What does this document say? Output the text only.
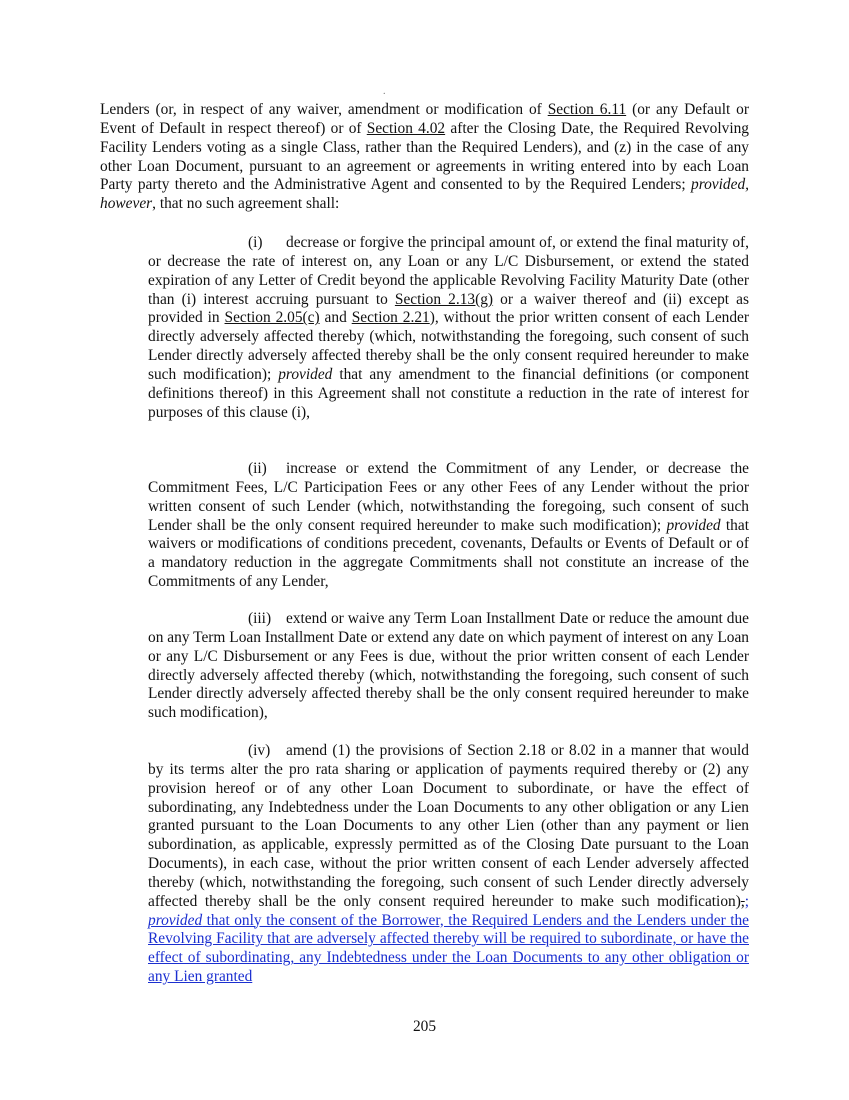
.

Lenders (or, in respect of any waiver, amendment or modification of Section 6.11 (or any Default or Event of Default in respect thereof) or of Section 4.02 after the Closing Date, the Required Revolving Facility Lenders voting as a single Class, rather than the Required Lenders), and (z) in the case of any other Loan Document, pursuant to an agreement or agreements in writing entered into by each Loan Party party thereto and the Administrative Agent and consented to by the Required Lenders; provided, however, that no such agreement shall:

(i) decrease or forgive the principal amount of, or extend the final maturity of, or decrease the rate of interest on, any Loan or any L/C Disbursement, or extend the stated expiration of any Letter of Credit beyond the applicable Revolving Facility Maturity Date (other than (i) interest accruing pursuant to Section 2.13(g) or a waiver thereof and (ii) except as provided in Section 2.05(c) and Section 2.21), without the prior written consent of each Lender directly adversely affected thereby (which, notwithstanding the foregoing, such consent of such Lender directly adversely affected thereby shall be the only consent required hereunder to make such modification); provided that any amendment to the financial definitions (or component definitions thereof) in this Agreement shall not constitute a reduction in the rate of interest for purposes of this clause (i),

(ii) increase or extend the Commitment of any Lender, or decrease the Commitment Fees, L/C Participation Fees or any other Fees of any Lender without the prior written consent of such Lender (which, notwithstanding the foregoing, such consent of such Lender shall be the only consent required hereunder to make such modification); provided that waivers or modifications of conditions precedent, covenants, Defaults or Events of Default or of a mandatory reduction in the aggregate Commitments shall not constitute an increase of the Commitments of any Lender,

(iii) extend or waive any Term Loan Installment Date or reduce the amount due on any Term Loan Installment Date or extend any date on which payment of interest on any Loan or any L/C Disbursement or any Fees is due, without the prior written consent of each Lender directly adversely affected thereby (which, notwithstanding the foregoing, such consent of such Lender directly adversely affected thereby shall be the only consent required hereunder to make such modification),

(iv) amend (1) the provisions of Section 2.18 or 8.02 in a manner that would by its terms alter the pro rata sharing or application of payments required thereby or (2) any provision hereof or of any other Loan Document to subordinate, or have the effect of subordinating, any Indebtedness under the Loan Documents to any other obligation or any Lien granted pursuant to the Loan Documents to any other Lien (other than any payment or lien subordination, as applicable, expressly permitted as of the Closing Date pursuant to the Loan Documents), in each case, without the prior written consent of each Lender adversely affected thereby (which, notwithstanding the foregoing, such consent of such Lender directly adversely affected thereby shall be the only consent required hereunder to make such modification),; provided that only the consent of the Borrower, the Required Lenders and the Lenders under the Revolving Facility that are adversely affected thereby will be required to subordinate, or have the effect of subordinating, any Indebtedness under the Loan Documents to any other obligation or any Lien granted

205
